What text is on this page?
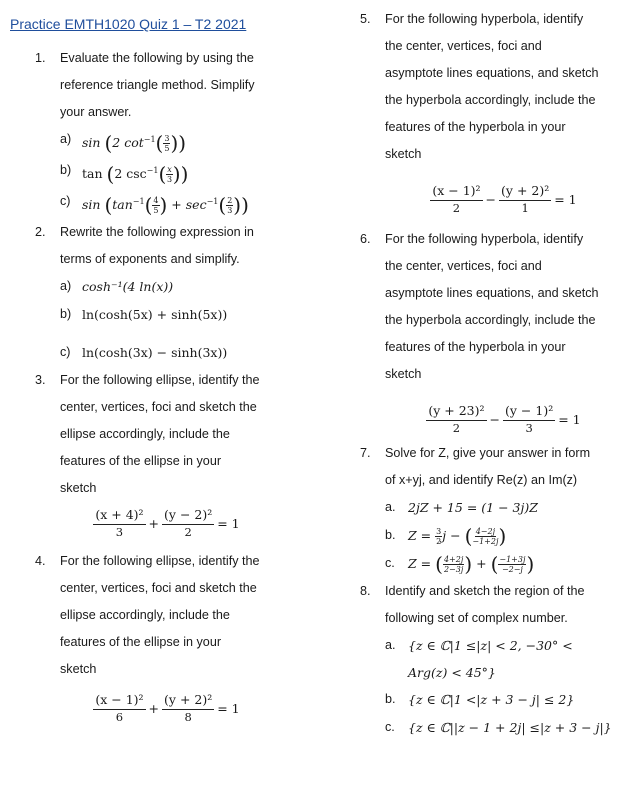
Practice EMTH1020 Quiz 1 – T2 2021
1. Evaluate the following by using the
reference triangle method. Simplify
your answer.
a) sin (2 $\cot^{-1}( \frac{3}{5}$ ))
b) tan (2 $\csc^{-1}( \frac{x}{3}$ ))
c) $\sin (\tan^{-1}( \frac{4}{5}$ ) + $\sec^{-1}( \frac{2}{3}$ ))
2. Rewrite the following expression in
terms of exponents and simplify.
a) cosh⁻¹(4 ln(x))
b) ln(cosh(5x) + sinh(5x))
c) ln(cosh(3x) − sinh(3x))
3. For the following ellipse, identify the
center, vertices, foci and sketch the
ellipse accordingly, include the
features of the ellipse in your
sketch
(x + 4)²
3
+ $\frac{\text{(y − 2)²}}{2} = 1$
4. For the following ellipse, identify the
center, vertices, foci and sketch the
ellipse accordingly, include the
features of the ellipse in your
sketch
(x − 1)²
6
+ $\frac{\text{(y + 2)²}}{8} = 1$
5. For the following hyperbola, identify
the center, vertices, foci and
asymptote lines equations, and sketch
the hyperbola accordingly, include the
features of the hyperbola in your
sketch
(x − 1)²
2
− $\frac{\text{(y + 2)²}}{1} = 1$
6. For the following hyperbola, identify
the center, vertices, foci and
asymptote lines equations, and sketch
the hyperbola accordingly, include the
features of the hyperbola in your
sketch
(y + 23)²
2
− $\frac{\text{(y − 1)²}}{3} = 1$
7. Solve for Z, give your answer in form
of x+yj, and identify Re(z) an Im(z)
a. 2jZ + 15 = (1 − 3j)Z
b. $Z = \frac{3}{2}$ j − ( $\frac{4-2j}{-1+2j}$ )
c. Z = ( $\frac{4+2j}{2-3j}$ ) + ( $\frac{-1+3j}{-2-j}$ )
8. Identify and sketch the region of the
following set of complex number.
a. {z ∈ ℂ|1 ≤|z| < 2, −30° <
Arg(z) < 45°}
b. {z ∈ ℂ|1 <|z + 3 − j| ≤ 2}
c. {z ∈ ℂ||z − 1 + 2j| ≤|z + 3 − j|}
